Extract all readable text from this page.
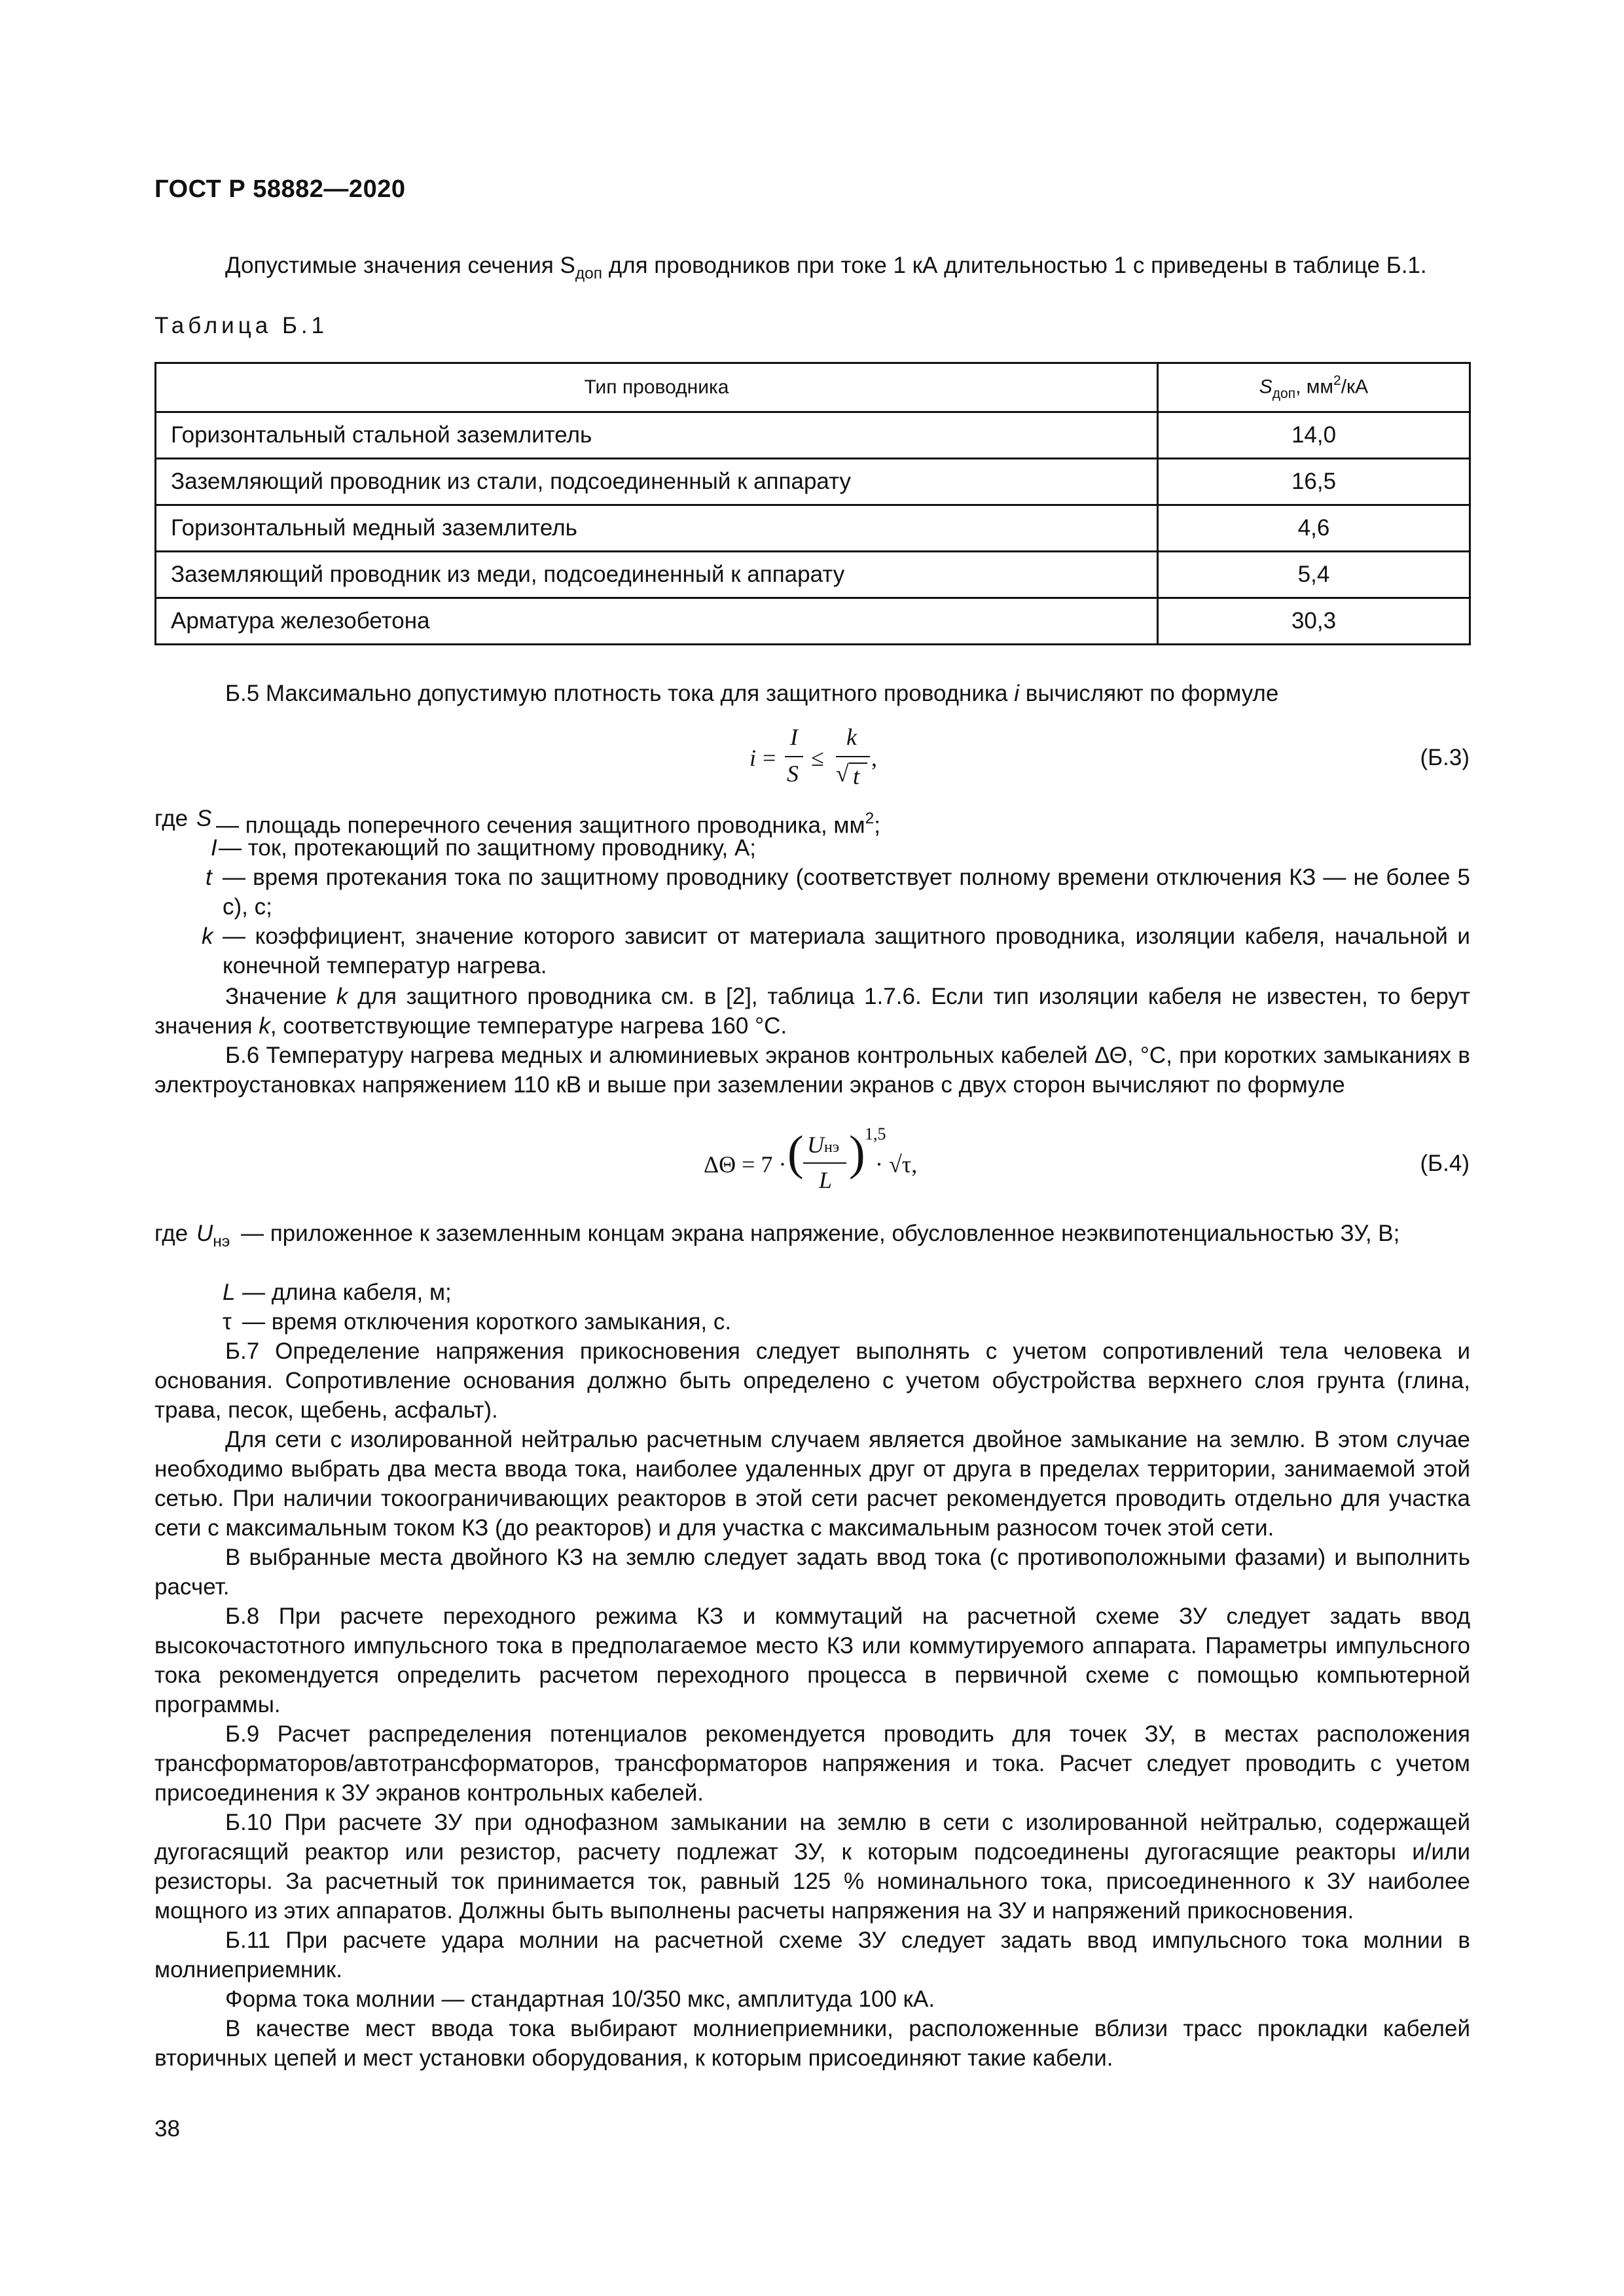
ГОСТ Р 58882—2020

Допустимые значения сечения $S_{доп}$ для проводников при токе 1 кА длительностью 1 с приведены в таблице Б.1.

Таблица Б.1
Тип проводника	$S_{доп}$, $мм^2/кА$
Горизонтальный стальной заземлитель	14,0
Заземляющий проводник из стали, подсоединенный к аппарату	16,5
Горизонтальный медный заземлитель	4,6
Заземляющий проводник из меди, подсоединенный к аппарату	5,4
Арматура железобетона	30,3

Б.5 Максимально допустимую плотность тока для защитного проводника i вычисляют по формуле

i =
I
S
≤
k
√ t
,	(Б.3)
где S — площадь поперечного сечения защитного проводника, $мм^2$;
I — ток, протекающий по защитному проводнику, А;
t — время протекания тока по защитному проводнику (соответствует полному времени отключения КЗ — не более 5 с), с;
k — коэффициент, значение которого зависит от материала защитного проводника, изоляции кабеля, начальной и конечной температур нагрева.

Значение k для защитного проводника см. в [2], таблица 1.7.6. Если тип изоляции кабеля не известен, то берут значения k, соответствующие температуре нагрева 160 °С.

Б.6 Температуру нагрева медных и алюминиевых экранов контрольных кабелей ΔΘ, °С, при коротких замыканиях в электроустановках напряжением 110 кВ и выше при заземлении экранов с двух сторон вычисляют по формуле

ΔΘ = 7 · ( U нэ
L ) 1,5
· √τ,	(Б.4)
где $U_{нэ}$ — приложенное к заземленным концам экрана напряжение, обусловленное неэквипотенциальностью ЗУ, В;
L — длина кабеля, м;
τ — время отключения короткого замыкания, с.

Б.7 Определение напряжения прикосновения следует выполнять с учетом сопротивлений тела человека и основания. Сопротивление основания должно быть определено с учетом обустройства верхнего слоя грунта (глина, трава, песок, щебень, асфальт).

Для сети с изолированной нейтралью расчетным случаем является двойное замыкание на землю. В этом случае необходимо выбрать два места ввода тока, наиболее удаленных друг от друга в пределах территории, занимаемой этой сетью. При наличии токоограничивающих реакторов в этой сети расчет рекомендуется проводить отдельно для участка сети с максимальным током КЗ (до реакторов) и для участка с максимальным разносом точек этой сети.

В выбранные места двойного КЗ на землю следует задать ввод тока (с противоположными фазами) и выполнить расчет.

Б.8 При расчете переходного режима КЗ и коммутаций на расчетной схеме ЗУ следует задать ввод высокочастотного импульсного тока в предполагаемое место КЗ или коммутируемого аппарата. Параметры импульсного тока рекомендуется определить расчетом переходного процесса в первичной схеме с помощью компьютерной программы.

Б.9 Расчет распределения потенциалов рекомендуется проводить для точек ЗУ, в местах расположения трансформаторов/автотрансформаторов, трансформаторов напряжения и тока. Расчет следует проводить с учетом присоединения к ЗУ экранов контрольных кабелей.

Б.10 При расчете ЗУ при однофазном замыкании на землю в сети с изолированной нейтралью, содержащей дугогасящий реактор или резистор, расчету подлежат ЗУ, к которым подсоединены дугогасящие реакторы и/или резисторы. За расчетный ток принимается ток, равный 125 % номинального тока, присоединенного к ЗУ наиболее мощного из этих аппаратов. Должны быть выполнены расчеты напряжения на ЗУ и напряжений прикосновения.

Б.11 При расчете удара молнии на расчетной схеме ЗУ следует задать ввод импульсного тока молнии в молниеприемник.

Форма тока молнии — стандартная 10/350 мкс, амплитуда 100 кА.

В качестве мест ввода тока выбирают молниеприемники, расположенные вблизи трасс прокладки кабелей вторичных цепей и мест установки оборудования, к которым присоединяют такие кабели.

38
